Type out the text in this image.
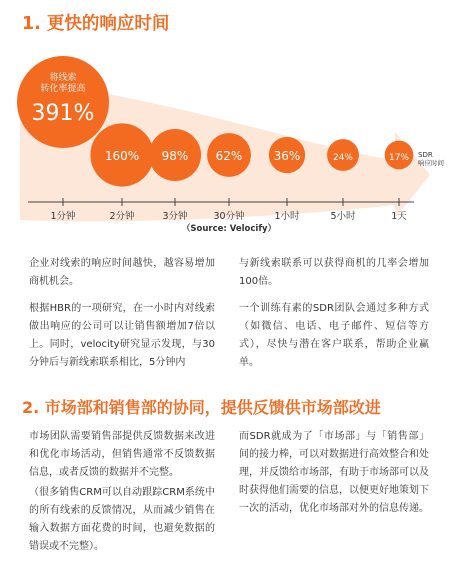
1. 更快的响应时间
1分钟
391%
将线索
转化率提高
2分钟
160%
3分钟
98%
30分钟
62%
1小时
36%
5小时
24%
1天
17% SDR
响应时间
（Source: Velocify）
企业对线索的响应时间越快，越容易增加商机机会。
根据HBR的一项研究，在一小时内对线索做出响应的公司可以让销售额增加7倍以上。同时，velocity研究显示发现，与30分钟后与新线索联系相比，5分钟内
与新线索联系可以获得商机的几率会增加100倍。
一个训练有素的SDR团队会通过多种方式（如微信、电话、电子邮件、短信等方式），尽快与潜在客户联系，帮助企业赢单。
2. 市场部和销售部的协同，提供反馈供市场部改进
市场团队需要销售部提供反馈数据来改进和优化市场活动，但销售通常不反馈数据信息，或者反馈的数据并不完整。
（很多销售CRM可以自动跟踪CRM系统中的所有线索的反馈情况，从而减少销售在输入数据方面花费的时间，也避免数据的错误或不完整）。
而SDR就成为了「市场部」与「销售部」间的接力棒，可以对数据进行高效整合和处理，并反馈给市场部，有助于市场部可以及时获得他们需要的信息，以便更好地策划下一次的活动，优化市场部对外的信息传递。
